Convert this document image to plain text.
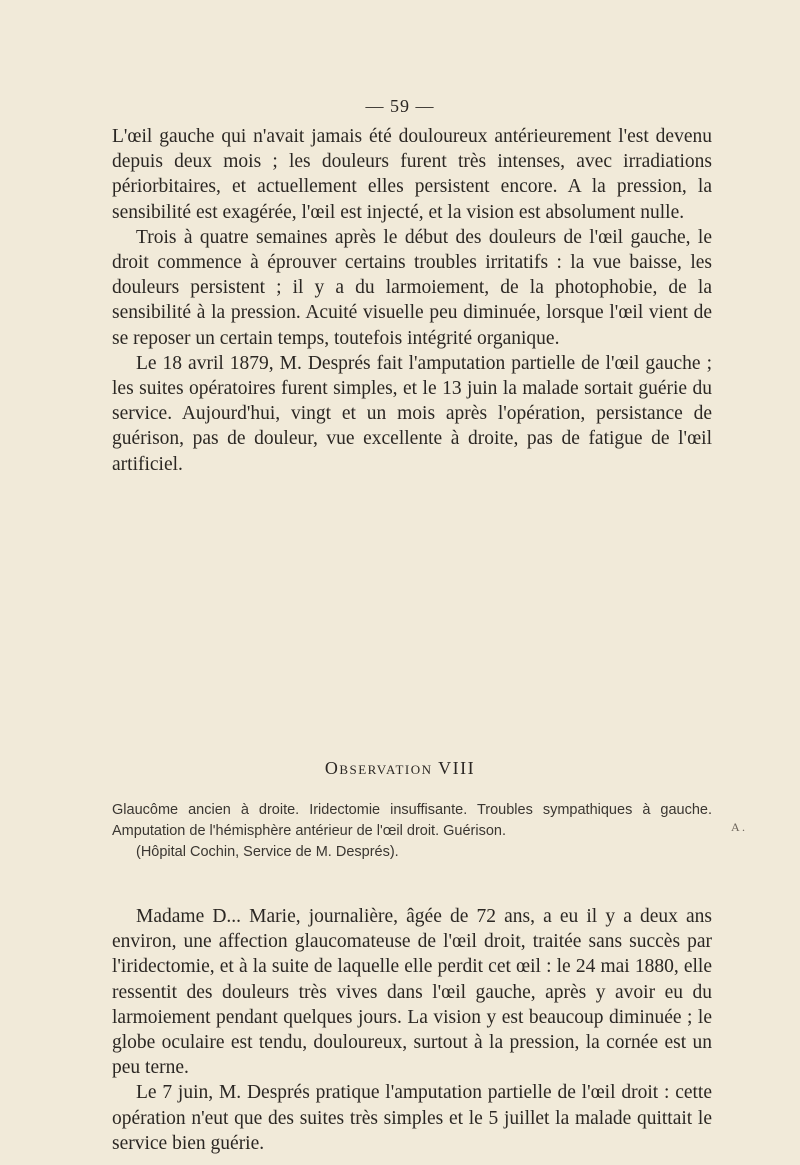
— 59 —

L'œil gauche qui n'avait jamais été douloureux antérieurement l'est devenu depuis deux mois ; les douleurs furent très intenses, avec irradiations périorbitaires, et actuellement elles persistent encore. A la pression, la sensibilité est exagérée, l'œil est injecté, et la vision est absolument nulle.

Trois à quatre semaines après le début des douleurs de l'œil gauche, le droit commence à éprouver certains troubles irritatifs : la vue baisse, les douleurs persistent ; il y a du larmoiement, de la photophobie, de la sensibilité à la pression. Acuité visuelle peu diminuée, lorsque l'œil vient de se reposer un certain temps, toutefois intégrité organique.

Le 18 avril 1879, M. Després fait l'amputation partielle de l'œil gauche ; les suites opératoires furent simples, et le 13 juin la malade sortait guérie du service. Aujourd'hui, vingt et un mois après l'opération, persistance de guérison, pas de douleur, vue excellente à droite, pas de fatigue de l'œil artificiel.

Observation VIII
Glaucôme ancien à droite. Iridectomie insuffisante. Troubles sympathiques à gauche. Amputation de l'hémisphère antérieur de l'œil droit. Guérison.
(Hôpital Cochin, Service de M. Després).
A .

Madame D... Marie, journalière, âgée de 72 ans, a eu il y a deux ans environ, une affection glaucomateuse de l'œil droit, traitée sans succès par l'iridectomie, et à la suite de laquelle elle perdit cet œil : le 24 mai 1880, elle ressentit des douleurs très vives dans l'œil gauche, après y avoir eu du larmoiement pendant quelques jours. La vision y est beaucoup diminuée ; le globe oculaire est tendu, douloureux, surtout à la pression, la cornée est un peu terne.

Le 7 juin, M. Després pratique l'amputation partielle de l'œil droit : cette opération n'eut que des suites très simples et le 5 juillet la malade quittait le service bien guérie.
